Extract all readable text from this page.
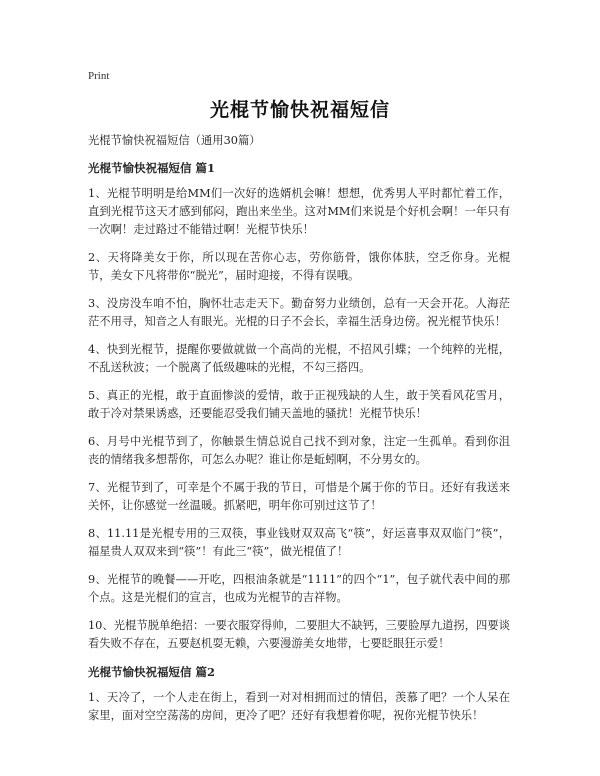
Print
光棍节愉快祝福短信
光棍节愉快祝福短信（通用30篇）
光棍节愉快祝福短信 篇1
1、光棍节明明是给MM们一次好的选婿机会嘛！想想，优秀男人平时都忙着工作，直到光棍节这天才感到郁闷，跑出来坐坐。这对MM们来说是个好机会啊！一年只有一次啊！走过路过不能错过啊！光棍节快乐！
2、天将降美女于你，所以现在苦你心志，劳你筋骨，饿你体肤，空乏你身。光棍节，美女下凡将带你“脱光”，届时迎接，不得有误哦。
3、没房没车咱不怕，胸怀壮志走天下。勤奋努力业绩创，总有一天会开花。人海茫茫不用寻，知音之人有眼光。光棍的日子不会长，幸福生活身边傍。祝光棍节快乐！
4、快到光棍节，提醒你要做就做一个高尚的光棍，不招风引蝶；一个纯粹的光棍，不乱送秋波；一个脱离了低级趣味的光棍，不勾三搭四。
5、真正的光棍，敢于直面惨淡的爱情，敢于正视残缺的人生，敢于笑看风花雪月，敢于冷对禁果诱惑，还要能忍受我们铺天盖地的骚扰！光棍节快乐！
6、月号中光棍节到了，你触景生情总说自己找不到对象，注定一生孤单。看到你沮丧的情绪我多想帮你，可怎么办呢？谁让你是蚯蚓啊，不分男女的。
7、光棍节到了，可幸是个不属于我的节日，可惜是个属于你的节日。还好有我送来关怀，让你感觉一丝温暖。抓紧吧，明年你可别过这节了！
8、11.11是光棍专用的三双筷，事业钱财双双高飞“筷”，好运喜事双双临门“筷”，福星贵人双双来到“筷”！有此三“筷”，做光棍值了！
9、光棍节的晚餐——开吃，四根油条就是“1111”的四个“1”，包子就代表中间的那个点。这是光棍们的宣言，也成为光棍节的吉祥物。
10、光棍节脱单绝招：一要衣服穿得帅，二要胆大不缺钙，三要脸厚九道拐，四要谈看失败不存在，五要赵机耍无赖，六要漫游美女地带，七要眨眼狂示爱！
光棍节愉快祝福短信 篇2
1、天冷了，一个人走在街上，看到一对对相拥而过的情侣，羡慕了吧？一个人呆在家里，面对空空荡荡的房间，更冷了吧？还好有我想着你呢，祝你光棍节快乐！
